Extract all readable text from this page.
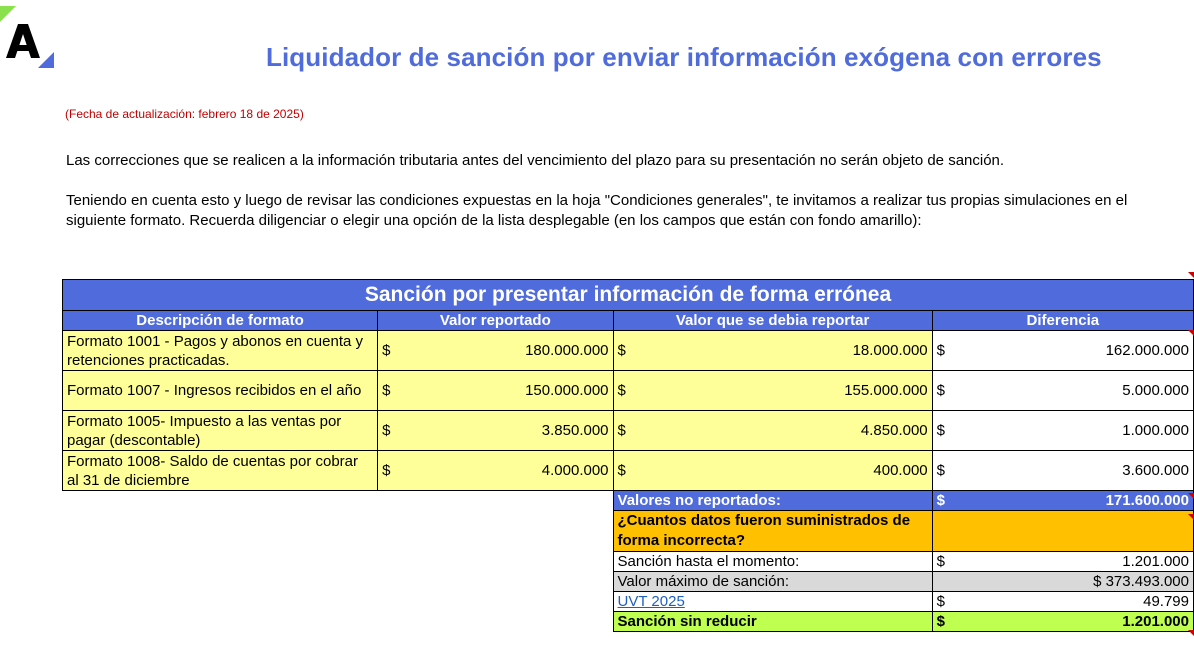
Liquidador de sanción por enviar información exógena con errores
(Fecha de actualización: febrero 18 de 2025)
Las correcciones que se realicen a la información tributaria antes del vencimiento del plazo para su presentación no serán objeto de sanción.
Teniendo en cuenta esto y luego de revisar las condiciones expuestas en la hoja "Condiciones generales", te invitamos a realizar tus propias simulaciones en el
siguiente formato. Recuerda diligenciar o elegir una opción de la lista desplegable (en los campos que están con fondo amarillo):
Sanción por presentar información de forma errónea			
Descripción de formato	Valor reportado	Valor que se debia reportar	Diferencia
Formato 1001 - Pagos y abonos en cuenta y retenciones practicadas.	$ 180.000.000	$ 18.000.000	$ 162.000.000

Formato 1007 - Ingresos recibidos en el año	$ 150.000.000	$ 155.000.000	$ 5.000.000

Formato 1005- Impuesto a las ventas por pagar (descontable)	$ 3.850.000	$ 4.850.000	$ 1.000.000

Formato 1008- Saldo de cuentas por cobrar al 31 de diciembre	$ 4.000.000	$ 400.000	$ 3.600.000

		Valores no reportados:	$ 171.600.000

		¿Cuantos datos fueron suministrados de forma incorrecta?	
		Sanción hasta el momento:	$ 1.201.000

		Valor máximo de sanción:	$ 373.493.000
		UVT 2025	$ 49.799

		Sanción sin reducir	$ 1.201.000
